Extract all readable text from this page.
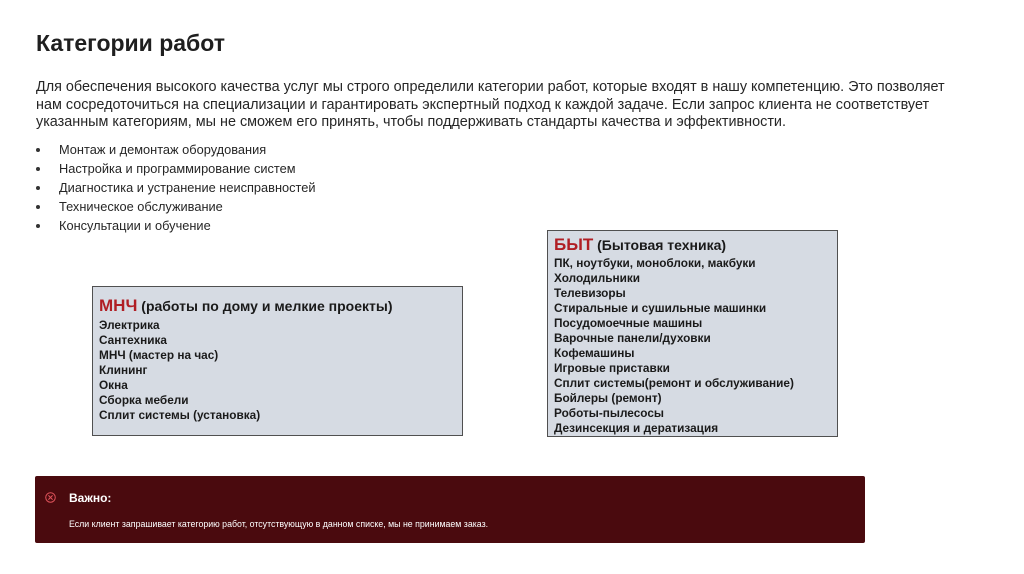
Категории работ
Для обеспечения высокого качества услуг мы строго определили категории работ, которые входят в нашу компетенцию. Это позволяет нам сосредоточиться на специализации и гарантировать экспертный подход к каждой задаче. Если запрос клиента не соответствует указанным категориям, мы не сможем его принять, чтобы поддерживать стандарты качества и эффективности.
Монтаж и демонтаж оборудования
Настройка и программирование систем
Диагностика и устранение неисправностей
Техническое обслуживание
Консультации и обучение
МНЧ (работы по дому и мелкие проекты)
Электрика
Сантехника
МНЧ (мастер на час)
Клининг
Окна
Сборка мебели
Сплит системы (установка)
БЫТ (Бытовая техника)
ПК, ноутбуки, моноблоки, макбуки
Холодильники
Телевизоры
Стиральные и сушильные машинки
Посудомоечные машины
Варочные панели/духовки
Кофемашины
Игровые приставки
Сплит системы(ремонт и обслуживание)
Бойлеры (ремонт)
Роботы-пылесосы
Дезинсекция и дератизация
Важно:
Если клиент запрашивает категорию работ, отсутствующую в данном списке, мы не принимаем заказ.
